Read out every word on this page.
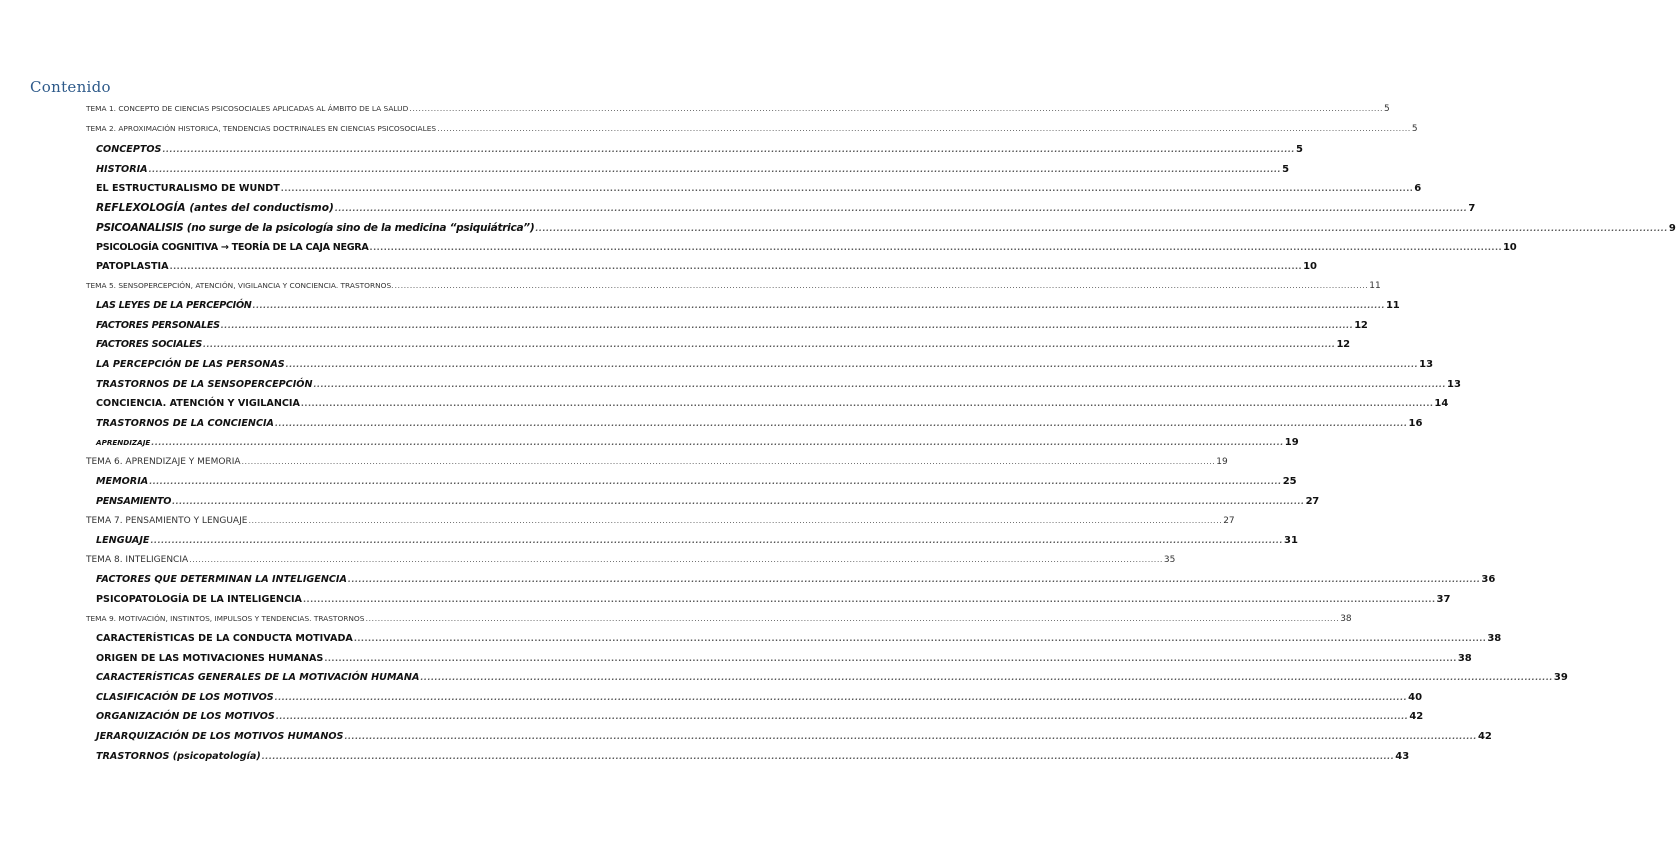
Contenido
TEMA 1. CONCEPTO DE CIENCIAS PSICOSOCIALES APLICADAS AL ÁMBITO DE LA SALUD .....	5
TEMA 2. APROXIMACIÓN HISTORICA, TENDENCIAS DOCTRINALES EN CIENCIAS PSICOSOCIALES .....	5
CONCEPTOS .....	5
HISTORIA .....	5
EL ESTRUCTURALISMO DE WUNDT .....	6
REFLEXOLOGÍA (antes del conductismo) .....	7
PSICOANALISIS (no surge de la psicología sino de la medicina “psiquiátrica”) .....	9
PSICOLOGÍA COGNITIVA → TEORÍA DE LA CAJA NEGRA .....	10
PATOPLASTIA .....	10
TEMA 5. SENSOPERCEPCIÓN, ATENCIÓN, VIGILANCIA Y CONCIENCIA. TRASTORNOS. .....	11
LAS LEYES DE LA PERCEPCIÓN .....	11
FACTORES PERSONALES .....	12
FACTORES SOCIALES .....	12
LA PERCEPCIÓN DE LAS PERSONAS .....	13
TRASTORNOS DE LA SENSOPERCEPCIÓN .....	13
CONCIENCIA. ATENCIÓN Y VIGILANCIA .....	14
TRASTORNOS DE LA CONCIENCIA .....	16
APRENDIZAJE .....	19
TEMA 6. APRENDIZAJE Y MEMORIA .....	19
MEMORIA .....	25
PENSAMIENTO .....	27
TEMA 7. PENSAMIENTO Y LENGUAJE .....	27
LENGUAJE .....	31
TEMA 8. INTELIGENCIA .....	35
FACTORES QUE DETERMINAN LA INTELIGENCIA .....	36
PSICOPATOLOGÍA DE LA INTELIGENCIA .....	37
TEMA 9. MOTIVACIÓN, INSTINTOS, IMPULSOS Y TENDENCIAS. TRASTORNOS .....	38
CARACTERÍSTICAS DE LA CONDUCTA MOTIVADA .....	38
ORIGEN DE LAS MOTIVACIONES HUMANAS .....	38
CARACTERÍSTICAS GENERALES DE LA MOTIVACIÓN HUMANA .....	39
CLASIFICACIÓN DE LOS MOTIVOS .....	40
ORGANIZACIÓN DE LOS MOTIVOS .....	42
JERARQUIZACIÓN DE LOS MOTIVOS HUMANOS .....	42
TRASTORNOS (psicopatología) .....	43
